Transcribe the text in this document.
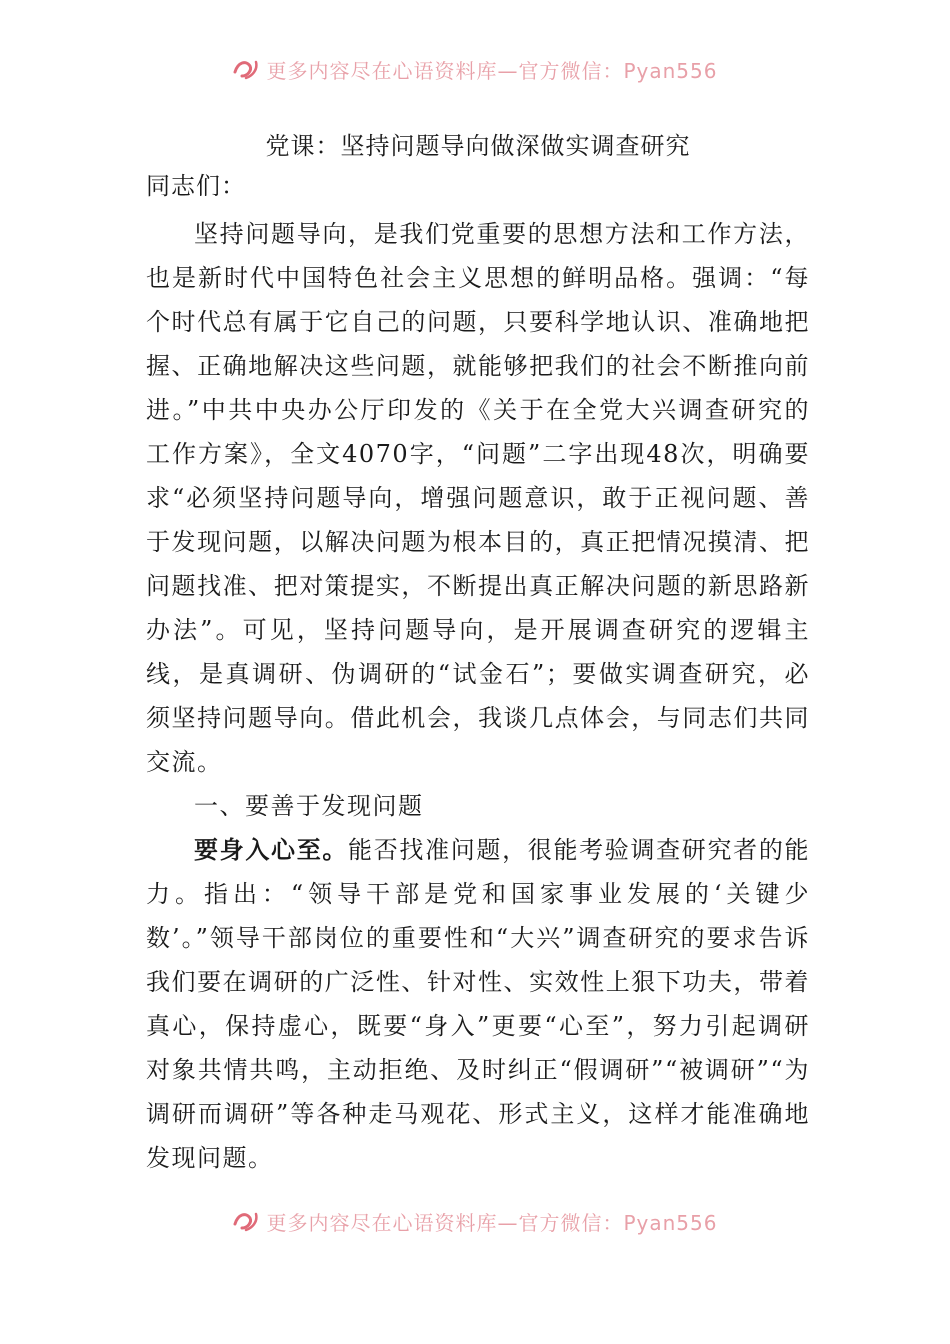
更多内容尽在心语资料库—官方微信：Pyan556
党课：坚持问题导向做深做实调查研究

同志们：

坚持问题导向，是我们党重要的思想方法和工作方法，也是新时代中国特色社会主义思想的鲜明品格。强调：“每个时代总有属于它自己的问题，只要科学地认识、准确地把握、正确地解决这些问题，就能够把我们的社会不断推向前进。”中共中央办公厅印发的《关于在全党大兴调查研究的工作方案》，全文4070字，“问题”二字出现48次，明确要求“必须坚持问题导向，增强问题意识，敢于正视问题、善于发现问题，以解决问题为根本目的，真正把情况摸清、把问题找准、把对策提实，不断提出真正解决问题的新思路新办法”。可见，坚持问题导向，是开展调查研究的逻辑主线，是真调研、伪调研的“试金石”；要做实调查研究，必须坚持问题导向。借此机会，我谈几点体会，与同志们共同交流。

一、要善于发现问题

要身入心至。能否找准问题，很能考验调查研究者的能力。指出：“领导干部是党和国家事业发展的‘关键少数’。”领导干部岗位的重要性和“大兴”调查研究的要求告诉我们要在调研的广泛性、针对性、实效性上狠下功夫，带着真心，保持虚心，既要“身入”更要“心至”，努力引起调研对象共情共鸣，主动拒绝、及时纠正“假调研”“被调研”“为调研而调研”等各种走马观花、形式主义，这样才能准确地发现问题。

更多内容尽在心语资料库—官方微信：Pyan556
